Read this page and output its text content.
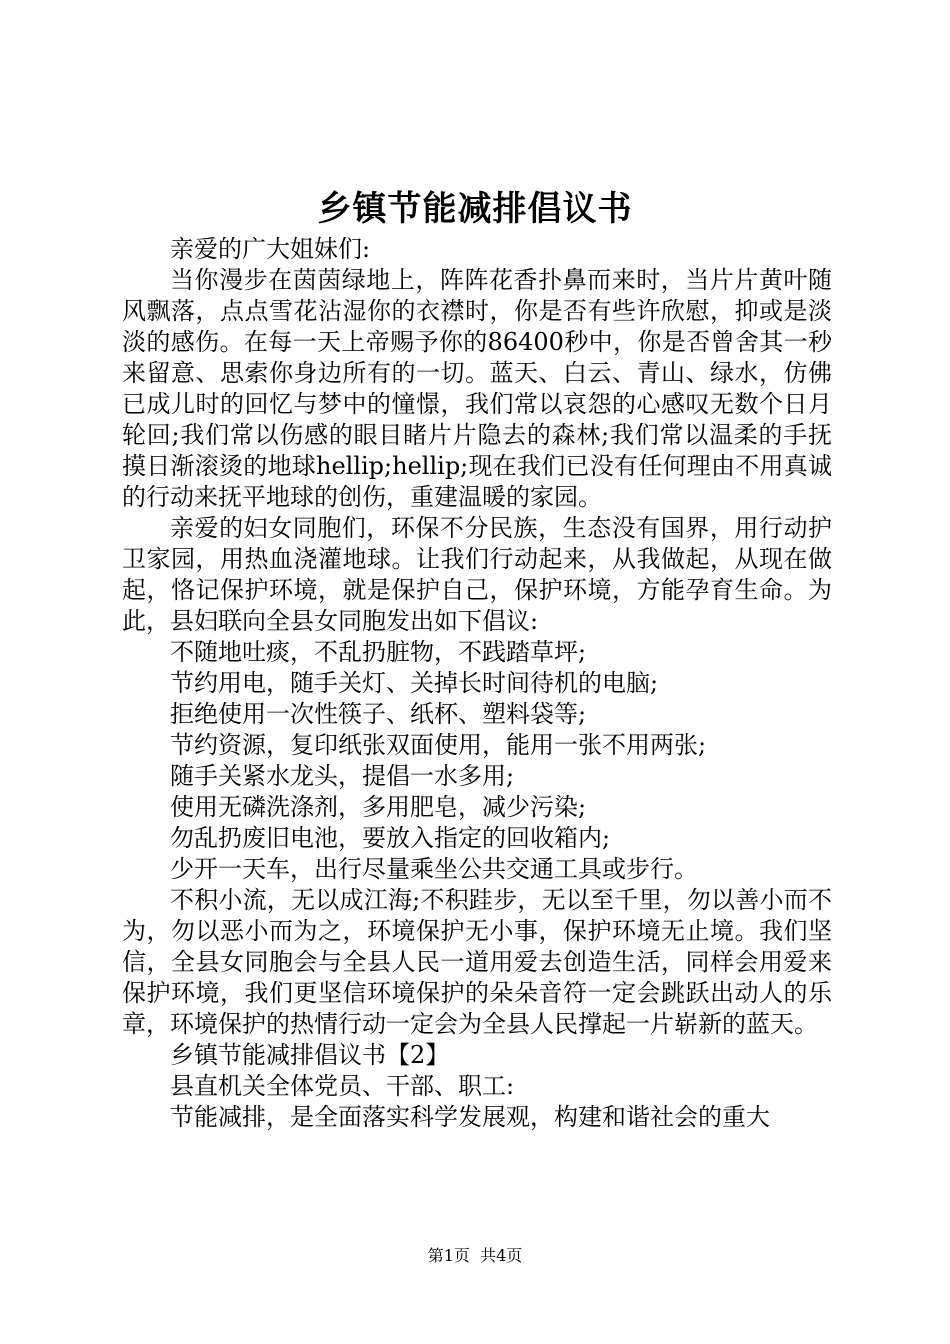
乡镇节能减排倡议书

亲爱的广大姐妹们:

当你漫步在茵茵绿地上，阵阵花香扑鼻而来时，当片片黄叶随风飘落，点点雪花沾湿你的衣襟时，你是否有些许欣慰，抑或是淡淡的感伤。在每一天上帝赐予你的86400秒中，你是否曾舍其一秒来留意、思索你身边所有的一切。蓝天、白云、青山、绿水，仿佛已成儿时的回忆与梦中的憧憬，我们常以哀怨的心感叹无数个日月轮回;我们常以伤感的眼目睹片片隐去的森林;我们常以温柔的手抚摸日渐滚烫的地球hellip;hellip;现在我们已没有任何理由不用真诚的行动来抚平地球的创伤，重建温暖的家园。

亲爱的妇女同胞们，环保不分民族，生态没有国界，用行动护卫家园，用热血浇灌地球。让我们行动起来，从我做起，从现在做起，恪记保护环境，就是保护自己，保护环境，方能孕育生命。为此，县妇联向全县女同胞发出如下倡议:

不随地吐痰，不乱扔脏物，不践踏草坪;

节约用电，随手关灯、关掉长时间待机的电脑;

拒绝使用一次性筷子、纸杯、塑料袋等;

节约资源，复印纸张双面使用，能用一张不用两张;

随手关紧水龙头，提倡一水多用;

使用无磷洗涤剂，多用肥皂，减少污染;

勿乱扔废旧电池，要放入指定的回收箱内;

少开一天车，出行尽量乘坐公共交通工具或步行。

不积小流，无以成江海;不积跬步，无以至千里，勿以善小而不为，勿以恶小而为之，环境保护无小事，保护环境无止境。我们坚信，全县女同胞会与全县人民一道用爱去创造生活，同样会用爱来保护环境，我们更坚信环境保护的朵朵音符一定会跳跃出动人的乐章，环境保护的热情行动一定会为全县人民撑起一片崭新的蓝天。

乡镇节能减排倡议书【2】

县直机关全体党员、干部、职工:

节能减排，是全面落实科学发展观，构建和谐社会的重大

第1页 共4页
